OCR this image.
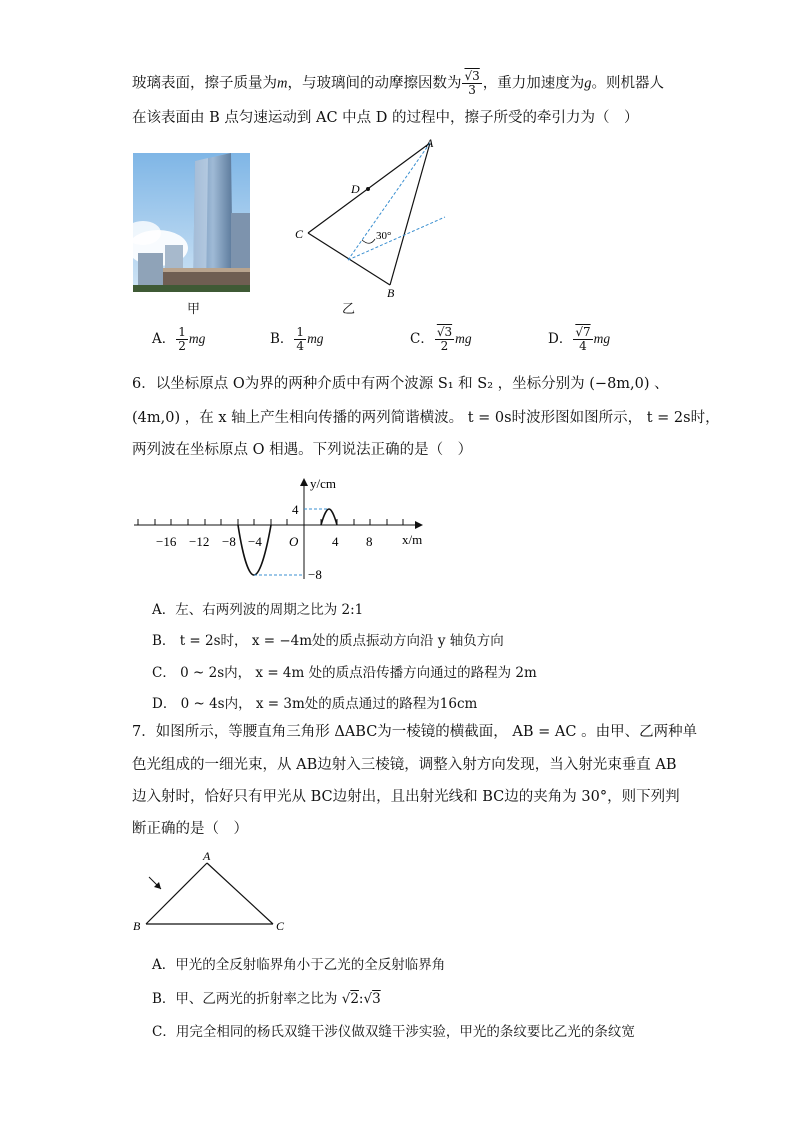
玻璃表面，擦子质量为m，与玻璃间的动摩擦因数为 $\frac{√3}{3}$ ，重力加速度为g。则机器人
在该表面由 B 点匀速运动到 AC 中点 D 的过程中，擦子所受的牵引力为（　）
甲
A
D
C
B
30°
乙
A． $\frac{1}{2}$ mg	B． $\frac{1}{4}$ mg	C． $\frac{√3}{2}$ mg	D． $\frac{√7}{4}$ mg
6．以坐标原点 O为界的两种介质中有两个波源 S₁ 和 S₂ ，坐标分别为 (−8m,0) 、
(4m,0) ，在 x 轴上产生相向传播的两列简谐横波。 t = 0s时波形图如图所示， t = 2s时，
两列波在坐标原点 O 相遇。下列说法正确的是（　）
y/cm
x/m
O
−16 −12 −8 −4	4 8
4
−8
A．左、右两列波的周期之比为 2:1
B． t = 2s时， x = −4m处的质点振动方向沿 y 轴负方向
C． 0 ~ 2s内， x = 4m 处的质点沿传播方向通过的路程为 2m
D． 0 ~ 4s内， x = 3m处的质点通过的路程为16cm
7．如图所示，等腰直角三角形 ΔABC为一棱镜的横截面， AB = AC 。由甲、乙两种单
色光组成的一细光束，从 AB边射入三棱镜，调整入射方向发现，当入射光束垂直 AB
边入射时，恰好只有甲光从 BC边射出，且出射光线和 BC边的夹角为 30°，则下列判
断正确的是（　）
A
B	C
A．甲光的全反射临界角小于乙光的全反射临界角
B．甲、乙两光的折射率之比为 √2:√3
C．用完全相同的杨氏双缝干涉仪做双缝干涉实验，甲光的条纹要比乙光的条纹宽
